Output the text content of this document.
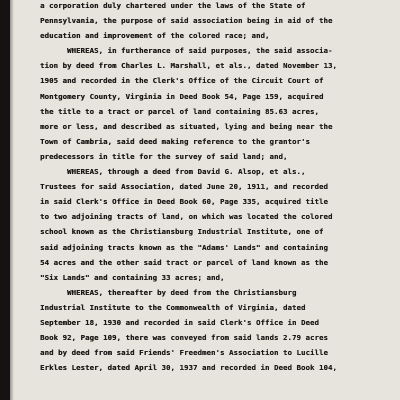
a corporation duly chartered under the laws of the State of
Pennsylvania, the purpose of said association being in aid of the
education and improvement of the colored race; and,
WHEREAS, in furtherance of said purposes, the said associa-
tion by deed from Charles L. Marshall, et als., dated November 13,
1905 and recorded in the Clerk's Office of the Circuit Court of
Montgomery County, Virginia in Deed Book 54, Page 159, acquired
the title to a tract or parcel of land containing 85.63 acres,
more or less, and described as situated, lying and being near the
Town of Cambria, said deed making reference to the grantor's
predecessors in title for the survey of said land; and,
WHEREAS, through a deed from David G. Alsop, et als.,
Trustees for said Association, dated June 20, 1911, and recorded
in said Clerk's Office in Deed Book 60, Page 335, acquired title
to two adjoining tracts of land, on which was located the colored
school known as the Christiansburg Industrial Institute, one of
said adjoining tracts known as the "Adams' Lands" and containing
54 acres and the other said tract or parcel of land known as the
"Six Lands" and containing 33 acres; and,
WHEREAS, thereafter by deed from the Christiansburg
Industrial Institute to the Commonwealth of Virginia, dated
September 18, 1930 and recorded in said Clerk's Office in Deed
Book 92, Page 109, there was conveyed from said lands 2.79 acres
and by deed from said Friends' Freedmen's Association to Lucille
Erkles Lester, dated April 30, 1937 and recorded in Deed Book 104,
